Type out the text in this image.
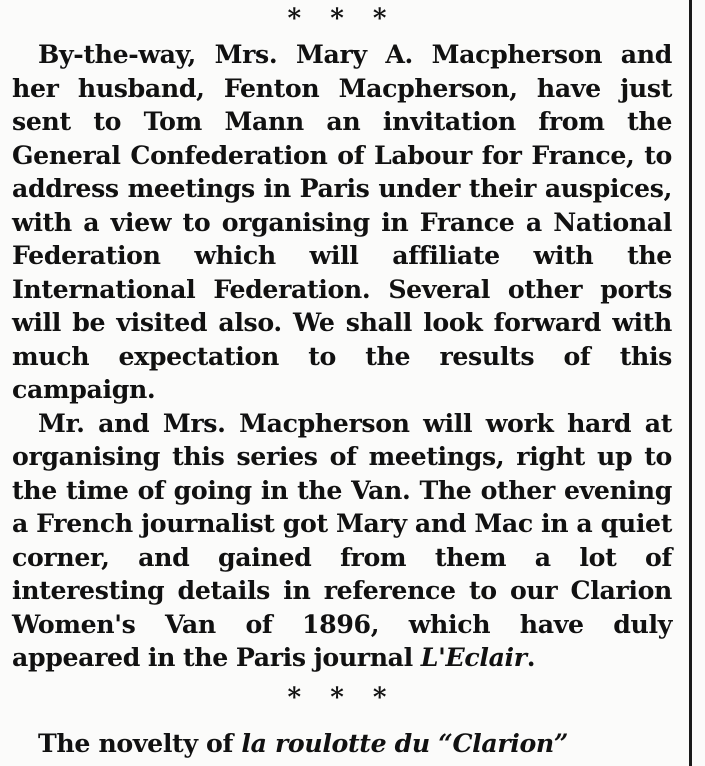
* * *

By-the-way, Mrs. Mary A. Macpherson and her husband, Fenton Macpherson, have just sent to Tom Mann an invitation from the General Confederation of Labour for France, to address meetings in Paris under their auspices, with a view to organising in France a National Federation which will affiliate with the International Federation. Several other ports will be visited also. We shall look forward with much expectation to the results of this campaign.

Mr. and Mrs. Macpherson will work hard at organising this series of meetings, right up to the time of going in the Van. The other evening a French journalist got Mary and Mac in a quiet corner, and gained from them a lot of interesting details in reference to our Clarion Women's Van of 1896, which have duly appeared in the Paris journal L'Eclair.

* * *

The novelty of la roulotte du “Clarion”
